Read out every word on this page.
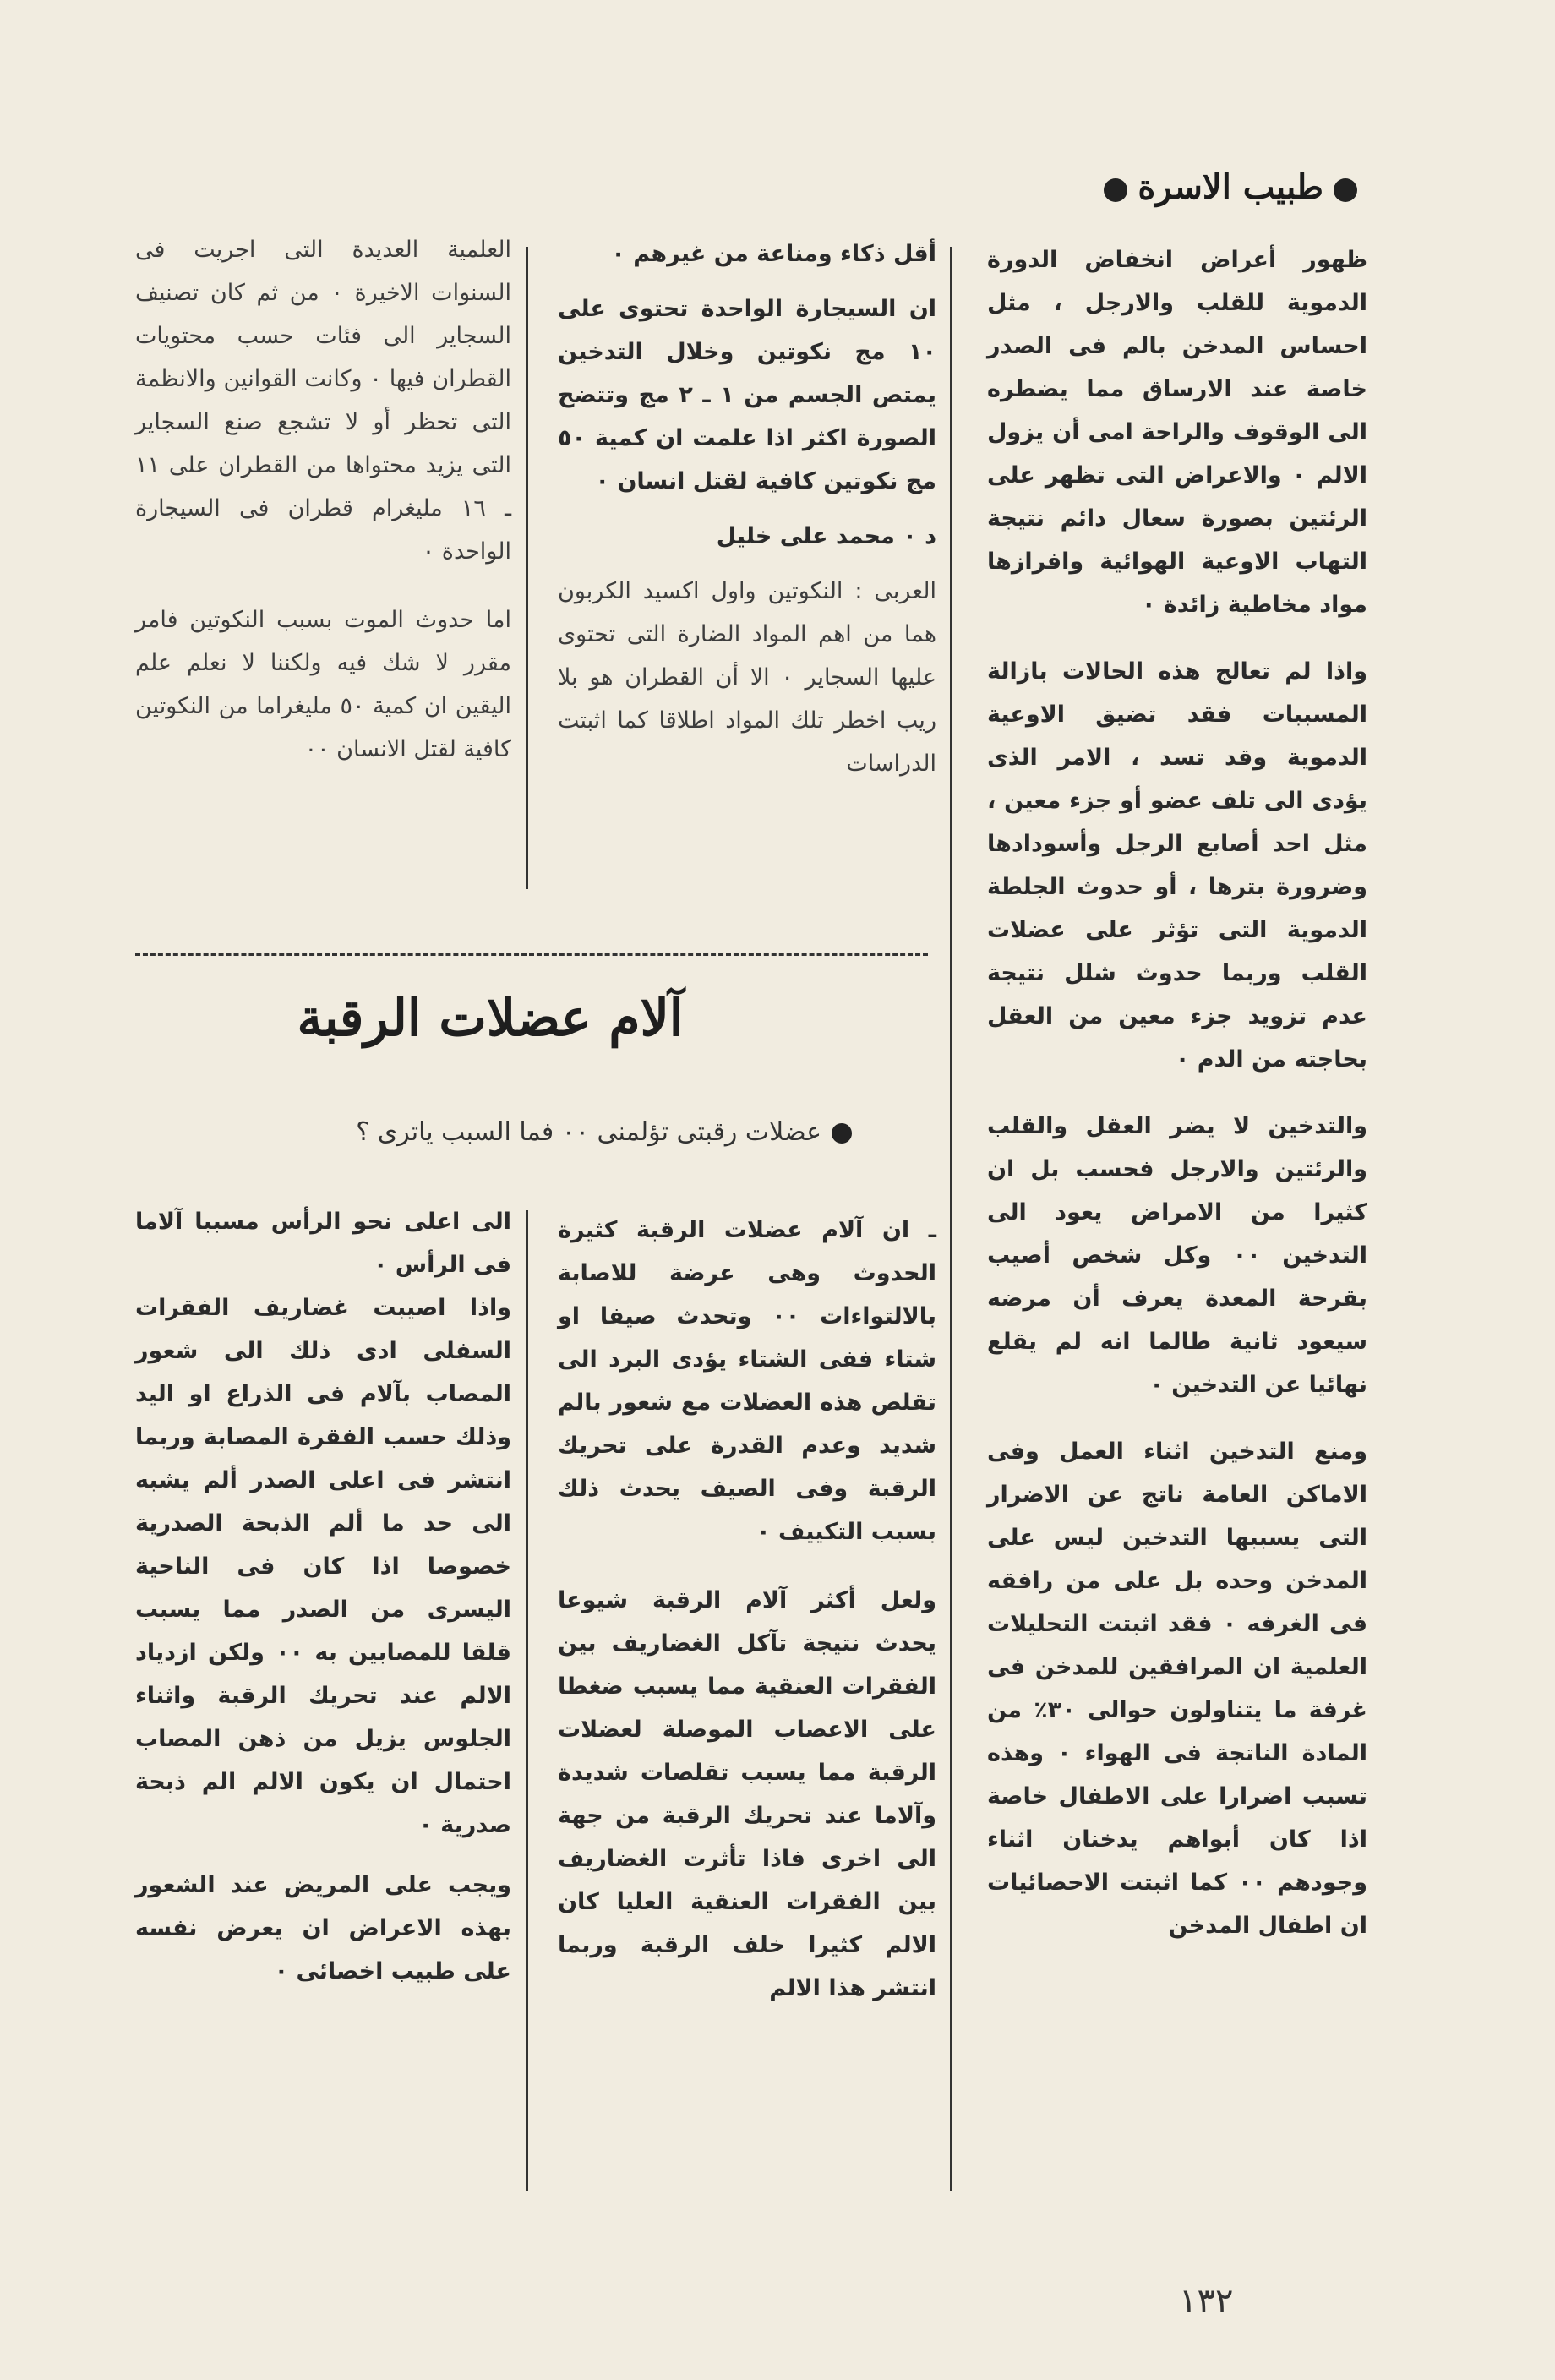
طبيب الاسرة

ظهور أعراض انخفاض الدورة الدموية للقلب والارجل ، مثل احساس المدخن بالم فى الصدر خاصة عند الارساق مما يضطره الى الوقوف والراحة امى أن يزول الالم ٠ والاعراض التى تظهر على الرئتين بصورة سعال دائم نتيجة التهاب الاوعية الهوائية وافرازها مواد مخاطية زائدة ٠

واذا لم تعالج هذه الحالات بازالة المسببات فقد تضيق الاوعية الدموية وقد تسد ، الامر الذى يؤدى الى تلف عضو أو جزء معين ، مثل احد أصابع الرجل وأسودادها وضرورة بترها ، أو حدوث الجلطة الدموية التى تؤثر على عضلات القلب وربما حدوث شلل نتيجة عدم تزويد جزء معين من العقل بحاجته من الدم ٠

والتدخين لا يضر العقل والقلب والرئتين والارجل فحسب بل ان كثيرا من الامراض يعود الى التدخين ٠٠ وكل شخص أصيب بقرحة المعدة يعرف أن مرضه سيعود ثانية طالما انه لم يقلع نهائيا عن التدخين ٠

ومنع التدخين اثناء العمل وفى الاماكن العامة ناتج عن الاضرار التى يسببها التدخين ليس على المدخن وحده بل على من رافقه فى الغرفه ٠ فقد اثبتت التحليلات العلمية ان المرافقين للمدخن فى غرفة ما يتناولون حوالى ٣٠٪ من المادة الناتجة فى الهواء ٠ وهذه تسبب اضرارا على الاطفال خاصة اذا كان أبواهم يدخنان اثناء وجودهم ٠٠ كما اثبتت الاحصائيات ان اطفال المدخن

أقل ذكاء ومناعة من غيرهم ٠

ان السيجارة الواحدة تحتوى على ١٠ مج نكوتين وخلال التدخين يمتص الجسم من ١ ـ ٢ مج وتتضح الصورة اكثر اذا علمت ان كمية ٥٠ مج نكوتين كافية لقتل انسان ٠

د ٠ محمد على خليل

العربى : النكوتين واول اكسيد الكربون هما من اهم المواد الضارة التى تحتوى عليها السجاير ٠ الا أن القطران هو بلا ريب اخطر تلك المواد اطلاقا كما اثبتت الدراسات

العلمية العديدة التى اجريت فى السنوات الاخيرة ٠ من ثم كان تصنيف السجاير الى فئات حسب محتويات القطران فيها ٠ وكانت القوانين والانظمة التى تحظر أو لا تشجع صنع السجاير التى يزيد محتواها من القطران على ١١ ـ ١٦ مليغرام قطران فى السيجارة الواحدة ٠

اما حدوث الموت بسبب النكوتين فامر مقرر لا شك فيه ولكننا لا نعلم علم اليقين ان كمية ٥٠ مليغراما من النكوتين كافية لقتل الانسان ٠٠

آلام عضلات الرقبة
عضلات رقبتى تؤلمنى ٠٠ فما السبب ياترى ؟

ـ ان آلام عضلات الرقبة كثيرة الحدوث وهى عرضة للاصابة بالالتواءات ٠٠ وتحدث صيفا او شتاء ففى الشتاء يؤدى البرد الى تقلص هذه العضلات مع شعور بالم شديد وعدم القدرة على تحريك الرقبة وفى الصيف يحدث ذلك بسبب التكييف ٠

ولعل أكثر آلام الرقبة شيوعا يحدث نتيجة تآكل الغضاريف بين الفقرات العنقية مما يسبب ضغطا على الاعصاب الموصلة لعضلات الرقبة مما يسبب تقلصات شديدة وآلاما عند تحريك الرقبة من جهة الى اخرى فاذا تأثرت الغضاريف بين الفقرات العنقية العليا كان الالم كثيرا خلف الرقبة وربما انتشر هذا الالم

الى اعلى نحو الرأس مسببا آلاما فى الرأس ٠

واذا اصيبت غضاريف الفقرات السفلى ادى ذلك الى شعور المصاب بآلام فى الذراع او اليد وذلك حسب الفقرة المصابة وربما انتشر فى اعلى الصدر ألم يشبه الى حد ما ألم الذبحة الصدرية خصوصا اذا كان فى الناحية اليسرى من الصدر مما يسبب قلقا للمصابين به ٠٠ ولكن ازدياد الالم عند تحريك الرقبة واثناء الجلوس يزيل من ذهن المصاب احتمال ان يكون الالم الم ذبحة صدرية ٠

ويجب على المريض عند الشعور بهذه الاعراض ان يعرض نفسه على طبيب اخصائى ٠

١٣٢
